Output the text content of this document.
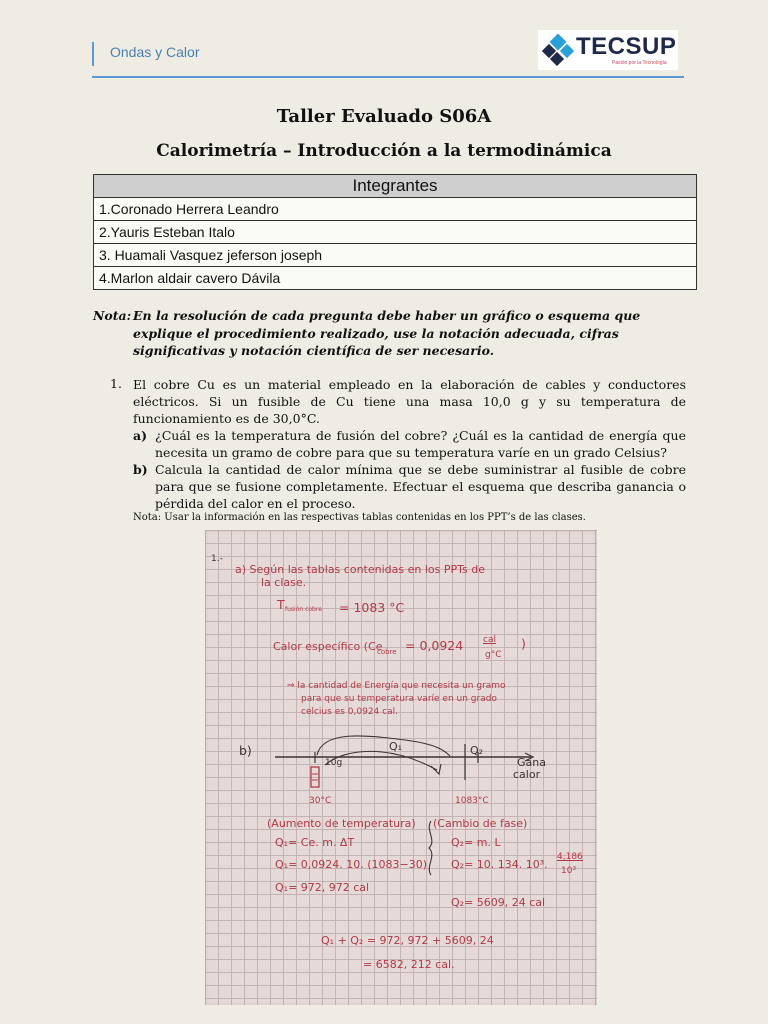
Ondas y Calor	TECSUP
Pasión por la Tecnología
Taller Evaluado S06A
Calorimetría – Introducción a la termodinámica
Integrantes
1.Coronado Herrera Leandro
2.Yauris Esteban Italo
3. Huamali Vasquez jeferson joseph
4.Marlon aldair cavero Dávila
Nota: En la resolución de cada pregunta debe haber un gráfico o esquema que explique el procedimiento realizado, use la notación adecuada, cifras significativas y notación científica de ser necesario.
1. El cobre Cu es un material empleado en la elaboración de cables y conductores eléctricos. Si un fusible de Cu tiene una masa 10,0 g y su temperatura de funcionamiento es de 30,0°C.
a) ¿Cuál es la temperatura de fusión del cobre? ¿Cuál es la cantidad de energía que necesita un gramo de cobre para que su temperatura varíe en un grado Celsius?
b) Calcula la cantidad de calor mínima que se debe suministrar al fusible de cobre para que se fusione completamente. Efectuar el esquema que describa ganancia o pérdida del calor en el proceso.
Nota: Usar la información en las respectivas tablas contenidas en los PPT’s de las clases.
1.-
a) Según las tablas contenidas en los PPTs de
la clase.
T fusión cobre = 1083 °C
Calor específico (Ce
cobre = 0,0924 cal
g°C
)
⇒ la cantidad de Energía que necesita un gramo
para que su temperatura varíe en un grado
celcius es 0,0924 cal.
b)	Q₁	Q₂
10g	Gana
calor
30°C	1083°C
(Aumento de temperatura) (Cambio de fase)
Q₁= Ce. m. ΔT
Q₁= 0,0924. 10. (1083−30)
Q₁= 972, 972 cal
Q₂= m. L
Q₂= 10. 134. 10³.
4,186
10³
Q₂= 5609, 24 cal
Q₁ + Q₂ = 972, 972 + 5609, 24
= 6582, 212 cal.
